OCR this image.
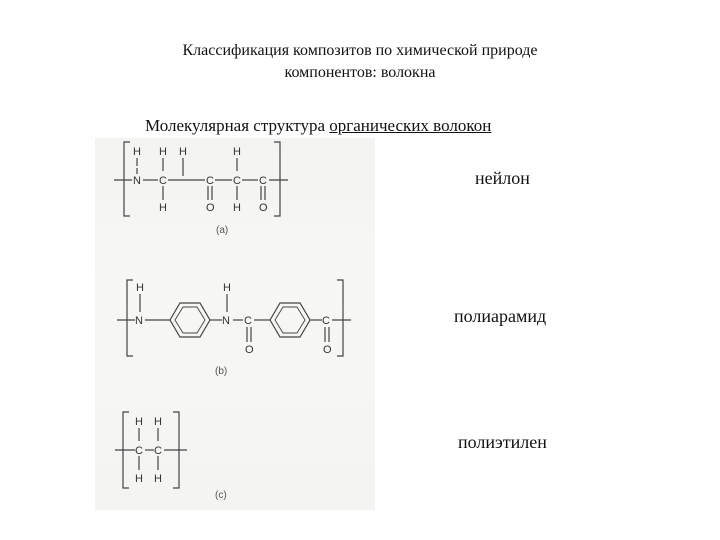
Классификация композитов по химической природе
компонентов: волокна
Молекулярная структура органических волокон
N C	C C C
H H
H
H
O
H
H O
(a)
нейлон
N
H
N
H
C
O
C
O
(b)
полиарамид
C C
H
H
H
H
(c)
полиэтилен
